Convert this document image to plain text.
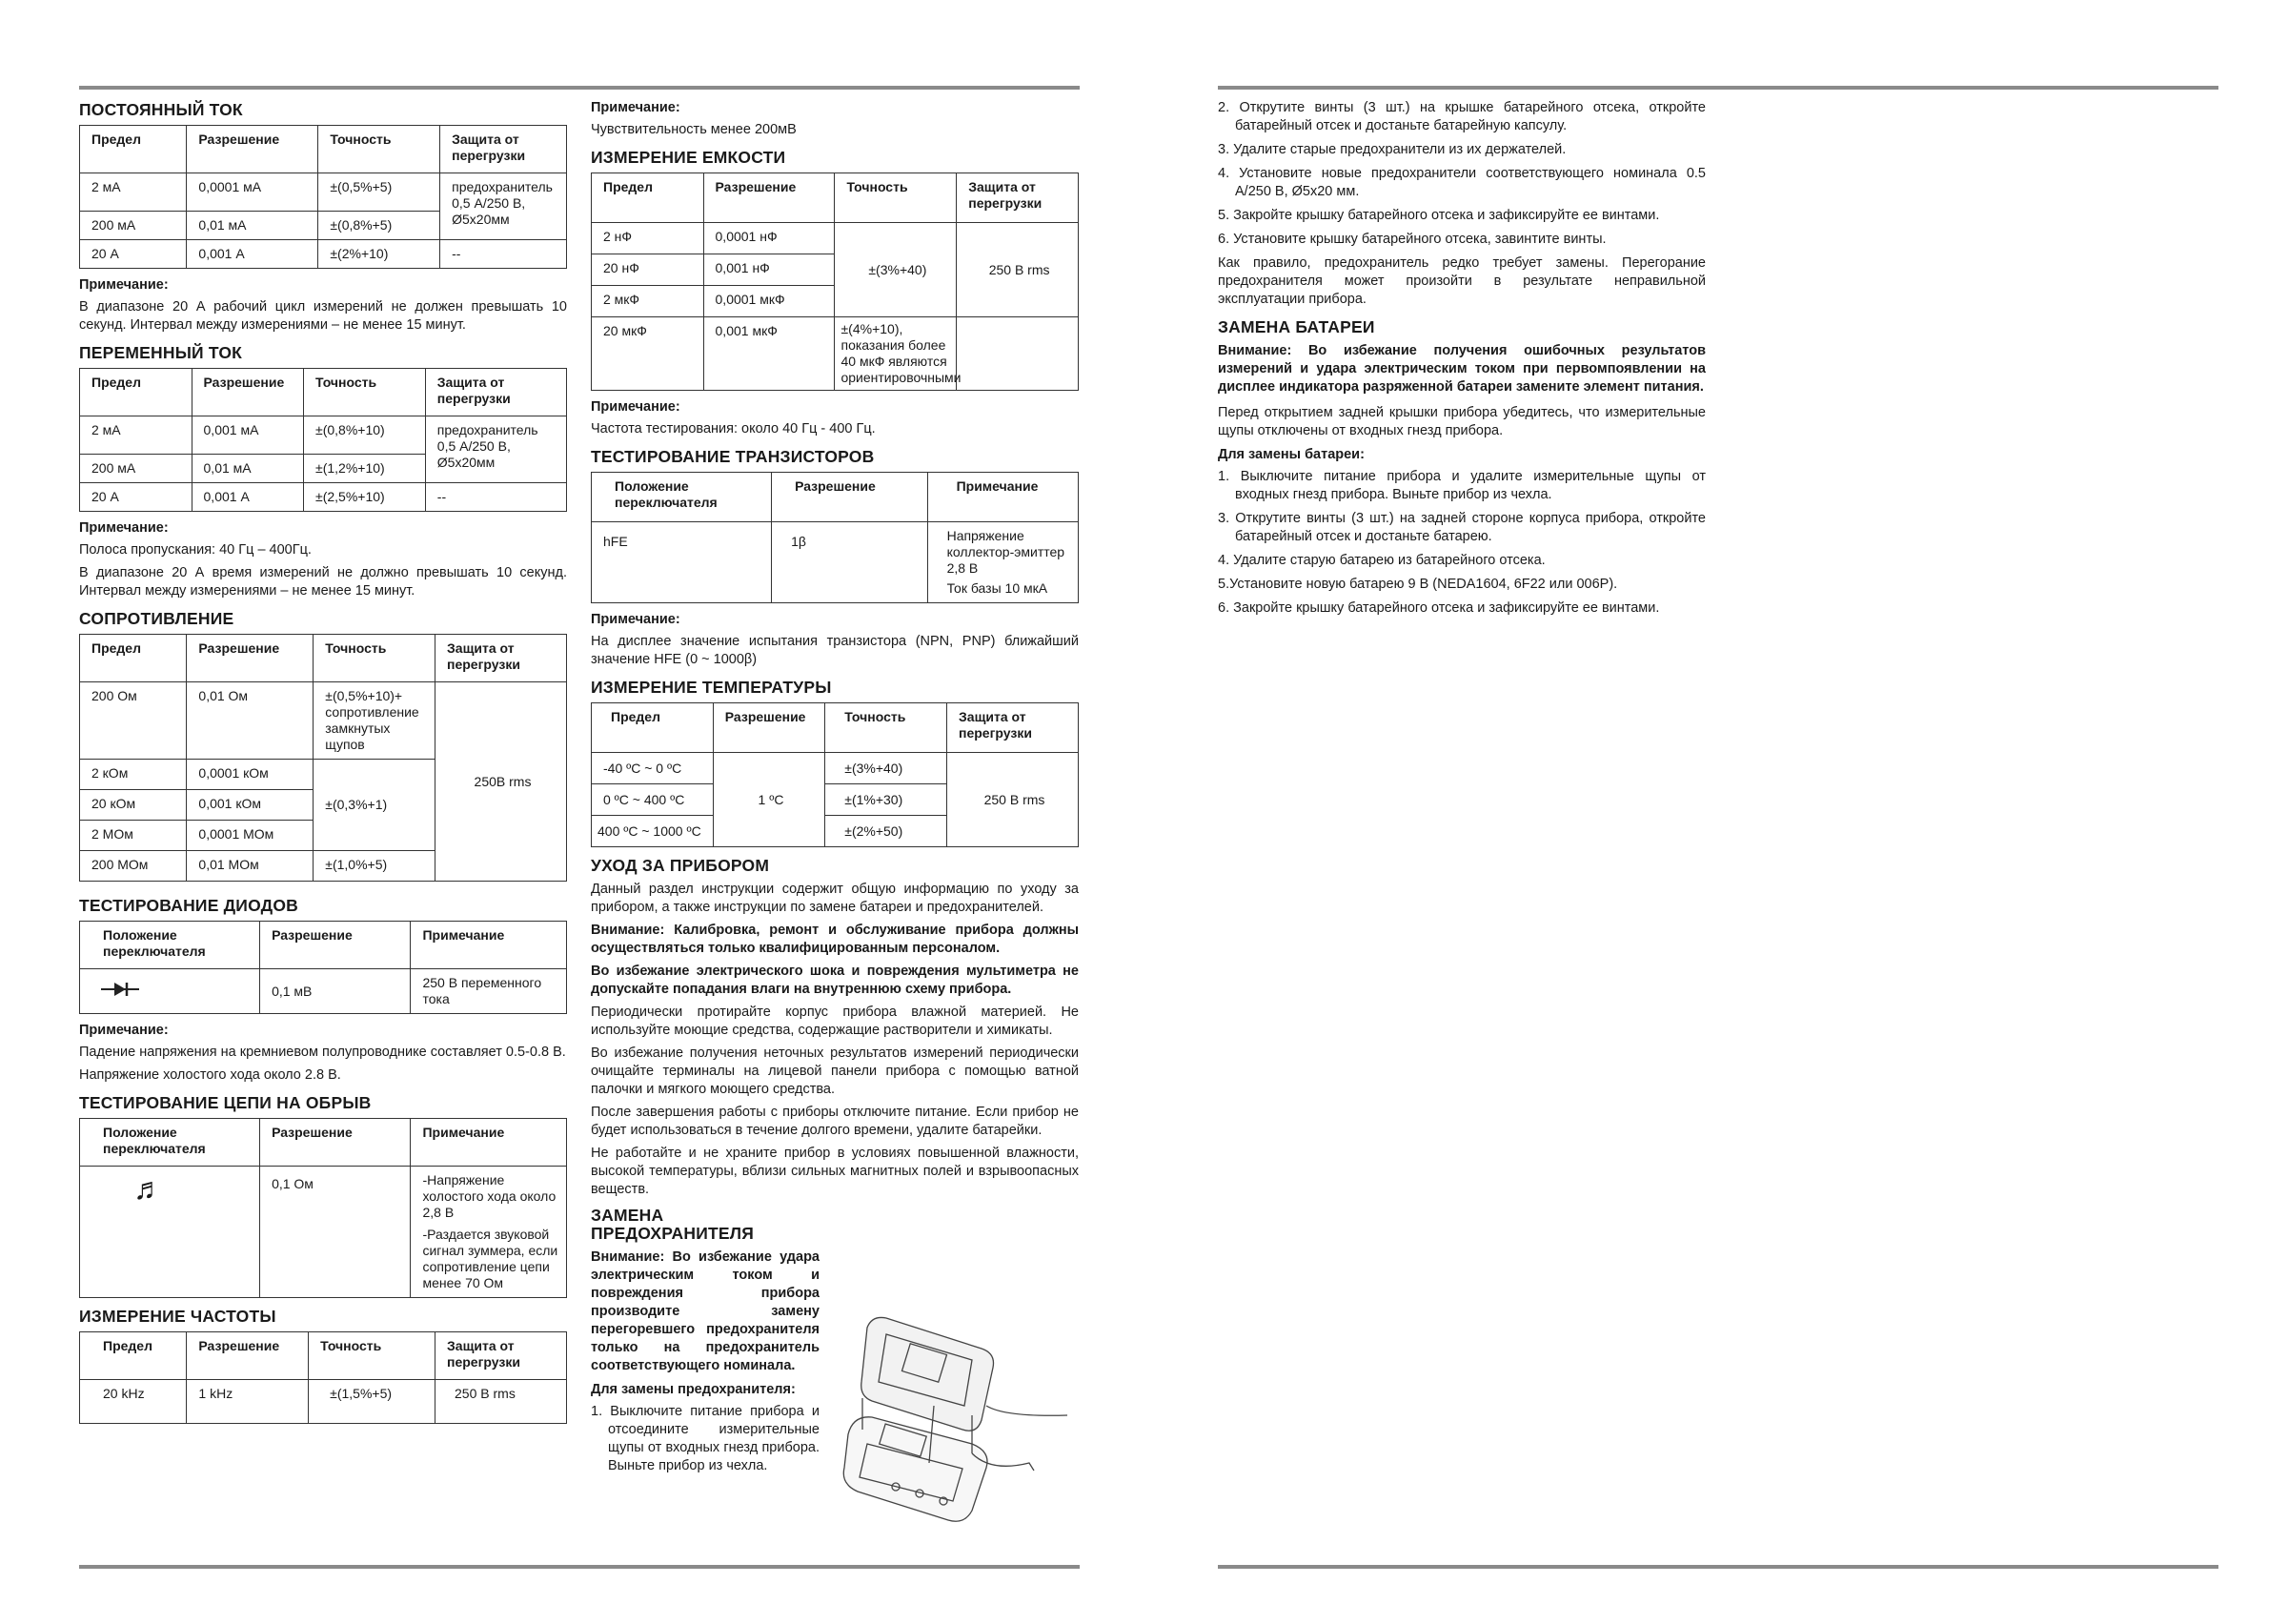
ПОСТОЯННЫЙ ТОК
Предел	Разрешение	Точность	Защита от перегрузки
2 мА	0,0001 мА	±(0,5%+5)	предохранитель 0,5 А/250 В, Ø5х20мм
200 мА	0,01 мА	±(0,8%+5)	
20 А	0,001 А	±(2%+10)	--
Примечание:

В диапазоне 20 А рабочий цикл измерений не должен превышать 10 секунд. Интервал между измерениями – не менее 15 минут.

ПЕРЕМЕННЫЙ ТОК
Предел	Разрешение	Точность	Защита от перегрузки
2 мА	0,001 мА	±(0,8%+10)	предохранитель 0,5 А/250 В, Ø5х20мм
200 мА	0,01 мА	±(1,2%+10)	
20 А	0,001 А	±(2,5%+10)	--
Примечание:

Полоса пропускания: 40 Гц – 400Гц.

В диапазоне 20 А время измерений не должно превышать 10 секунд. Интервал между измерениями – не менее 15 минут.

СОПРОТИВЛЕНИЕ
Предел	Разрешение	Точность	Защита от перегрузки
200 Ом	0,01 Ом	±(0,5%+10)+ сопротивление замкнутых щупов	250В rms
2 кОм	0,0001 кОм	±(0,3%+1)	
20 кОм	0,001 кОм		
2 МОм	0,0001 МОм		
200 МОм	0,01 МОм	±(1,0%+5)	
ТЕСТИРОВАНИЕ ДИОДОВ
Положение переключателя	Разрешение	Примечание
	0,1 мВ	250 В переменного тока
Примечание:

Падение напряжения на кремниевом полупроводнике составляет 0.5-0.8 В.

Напряжение холостого хода около 2.8 В.

ТЕСТИРОВАНИЕ ЦЕПИ НА ОБРЫВ
Положение переключателя	Разрешение	Примечание
♬	0,1 Ом	-Напряжение холостого хода около 2,8 В
-Раздается звуковой сигнал зуммера, если сопротивление цепи менее 70 Ом
ИЗМЕРЕНИЕ ЧАСТОТЫ
Предел	Разрешение	Точность	Защита от перегрузки
20 kHz	1 kHz	±(1,5%+5)	250 В rms
Примечание:

Чувствительность менее 200мВ

ИЗМЕРЕНИЕ ЕМКОСТИ
Предел	Разрешение	Точность	Защита от перегрузки
2 нФ	0,0001 нФ	±(3%+40)	250 В rms
20 нФ	0,001 нФ		
2 мкФ	0,0001 мкФ		
20 мкФ	0,001 мкФ	±(4%+10), показания более 40 мкФ являются ориентировочными	
Примечание:

Частота тестирования: около 40 Гц - 400 Гц.

ТЕСТИРОВАНИЕ ТРАНЗИСТОРОВ
Положение переключателя	Разрешение	Примечание
hFE	1β	Напряжение коллектор-эмиттер 2,8 В
Ток базы 10 мкА
Примечание:

На дисплее значение испытания транзистора (NPN, PNP) ближайший значение HFE (0 ~ 1000β)

ИЗМЕРЕНИЕ ТЕМПЕРАТУРЫ
Предел	Разрешение	Точность	Защита от перегрузки
-40 ºC ~ 0 ºC	1 ºC	±(3%+40)	250 В rms
0 ºC ~ 400 ºC		±(1%+30)	
400 ºC ~ 1000 ºC		±(2%+50)	
УХОД ЗА ПРИБОРОМ

Данный раздел инструкции содержит общую информацию по уходу за прибором, а также инструкции по замене батареи и предохранителей.

Внимание: Калибровка, ремонт и обслуживание прибора должны осуществляться только квалифицированным персоналом.

Во избежание электрического шока и повреждения мультиметра не допускайте попадания влаги на внутреннюю схему прибора.

Периодически протирайте корпус прибора влажной материей. Не используйте моющие средства, содержащие растворители и химикаты.

Во избежание получения неточных результатов измерений периодически очищайте терминалы на лицевой панели прибора с помощью ватной палочки и мягкого моющего средства.

После завершения работы с приборы отключите питание. Если прибор не будет использоваться в течение долгого времени, удалите батарейки.

Не работайте и не храните прибор в условиях повышенной влажности, высокой температуры, вблизи сильных магнитных полей и взрывоопасных веществ.

ЗАМЕНА ПРЕДОХРАНИТЕЛЯ

Внимание: Во избежание удара электрическим током и повреждения прибора производите замену перегоревшего предохранителя только на предохранитель соответствующего номинала.

Для замены предохранителя:

1. Выключите питание прибора и отсоедините измерительные щупы от входных гнезд прибора. Выньте прибор из чехла.

2. Открутите винты (3 шт.) на крышке батарейного отсека, откройте батарейный отсек и достаньте батарейную капсулу.
3. Удалите старые предохранители из их держателей.
4. Установите новые предохранители соответствующего номинала 0.5 А/250 В, Ø5х20 мм.
5. Закройте крышку батарейного отсека и зафиксируйте ее винтами.
6. Установите крышку батарейного отсека, завинтите винты.

Как правило, предохранитель редко требует замены. Перегорание предохранителя может произойти в результате неправильной эксплуатации прибора.

ЗАМЕНА БАТАРЕИ

Внимание: Во избежание получения ошибочных результатов измерений и удара электрическим током при первомпоявлении на дисплее индикатора разряженной батареи замените элемент питания.

Перед открытием задней крышки прибора убедитесь, что измерительные щупы отключены от входных гнезд прибора.

Для замены батареи:
1. Выключите питание прибора и удалите измерительные щупы от входных гнезд прибора. Выньте прибор из чехла.
3. Открутите винты (3 шт.) на задней стороне корпуса прибора, откройте батарейный отсек и достаньте батарею.
4. Удалите старую батарею из батарейного отсека.
5.Установите новую батарею 9 В (NEDA1604, 6F22 или 006P).
6. Закройте крышку батарейного отсека и зафиксируйте ее винтами.
